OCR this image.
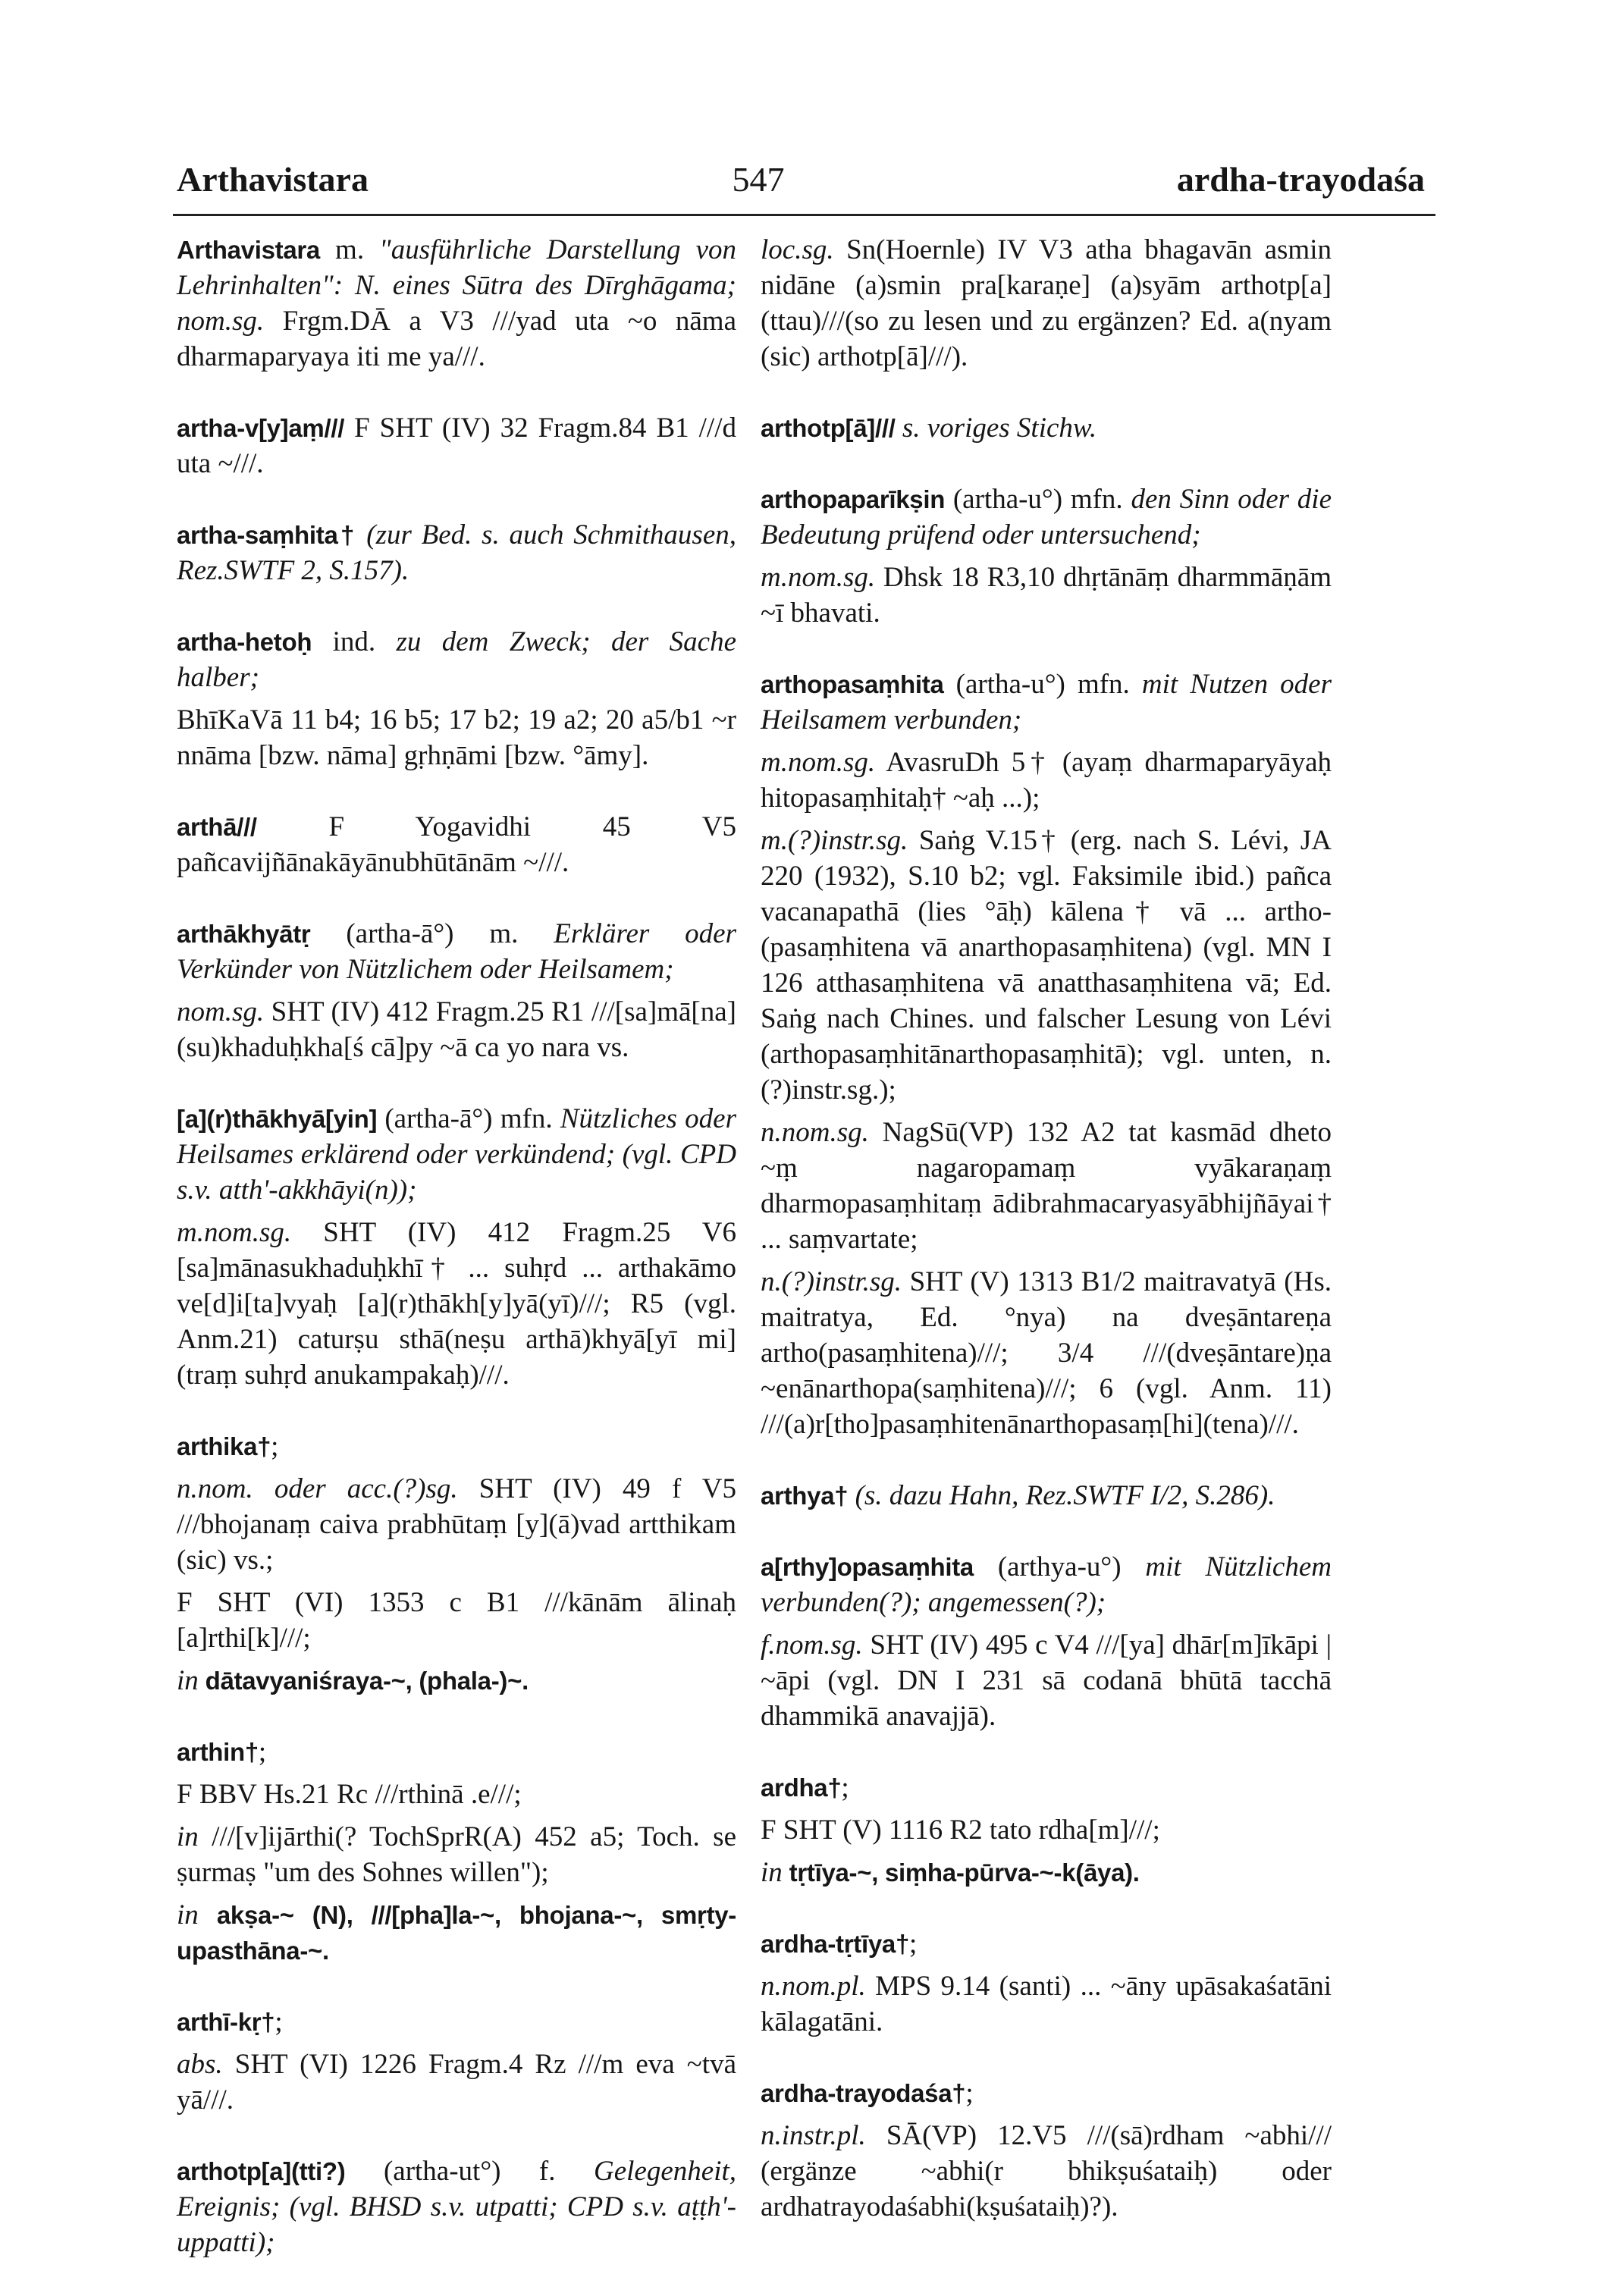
Arthavistara	547	ardha-trayodaśa

Arthavistara m. "ausführliche Darstellung von Lehrinhalten": N. eines Sūtra des Dīrghāgama; nom.sg. Frgm.DĀ a V3 ///yad uta ~o nāma dharmaparyaya iti me ya///.

artha-v[y]aṃ/// F SHT (IV) 32 Fragm.84 B1 ///d uta ~///.

artha-saṃhita† (zur Bed. s. auch Schmithausen, Rez.SWTF 2, S.157).

artha-hetoḥ ind. zu dem Zweck; der Sache halber;

BhīKaVā 11 b4; 16 b5; 17 b2; 19 a2; 20 a5/b1 ~r nnāma [bzw. nāma] gṛhṇāmi [bzw. °āmy].

arthā/// F Yogavidhi 45 V5 pañcavijñānakāyānubhūtānām ~///.

arthākhyātṛ (artha-ā°) m. Erklärer oder Verkünder von Nützlichem oder Heilsamem;

nom.sg. SHT (IV) 412 Fragm.25 R1 ///[sa]mā[na](su)khaduḥkha[ś cā]py ~ā ca yo nara vs.

[a](r)thākhyā[yin] (artha-ā°) mfn. Nützliches oder Heilsames erklärend oder verkündend; (vgl. CPD s.v. atth'-akkhāyi(n));

m.nom.sg. SHT (IV) 412 Fragm.25 V6 [sa]mānasukhaduḥkhī† ... suhṛd ... arthakāmo ve[d]i[ta]vyaḥ [a](r)thākh[y]yā(yī)///; R5 (vgl. Anm.21) caturṣu sthā(neṣu arthā)khyā[yī mi](traṃ suhṛd anukampakaḥ)///.

arthika†;

n.nom. oder acc.(?)sg. SHT (IV) 49 f V5 ///bhojanaṃ caiva prabhūtaṃ [y](ā)vad artthikam (sic) vs.;

F SHT (VI) 1353 c B1 ///kānām ālinaḥ [a]rthi[k]///;

in dātavyaniśraya-~, (phala-)~.

arthin†;

F BBV Hs.21 Rc ///rthinā .e///;

in ///[v]ijārthi(? TochSprR(A) 452 a5; Toch. se ṣurmaṣ "um des Sohnes willen");

in akṣa-~ (N), ///[pha]la-~, bhojana-~, smṛty-upasthāna-~.

arthī-kṛ†;

abs. SHT (VI) 1226 Fragm.4 Rz ///m eva ~tvā yā///.

arthotp[a](tti?) (artha-ut°) f. Gelegenheit, Ereignis; (vgl. BHSD s.v. utpatti; CPD s.v. aṭṭh'-uppatti);

loc.sg. Sn(Hoernle) IV V3 atha bhagavān asmin nidāne (a)smin pra[karaṇe] (a)syām arthotp[a](ttau)///(so zu lesen und zu ergänzen? Ed. a(nyam (sic) arthotp[ā]///).

arthotp[ā]/// s. voriges Stichw.

arthopaparīkṣin (artha-u°) mfn. den Sinn oder die Bedeutung prüfend oder untersuchend;

m.nom.sg. Dhsk 18 R3,10 dhṛtānāṃ dharmmāṇām ~ī bhavati.

arthopasaṃhita (artha-u°) mfn. mit Nutzen oder Heilsamem verbunden;

m.nom.sg. AvasruDh 5† (ayaṃ dharmaparyāyaḥ hitopasaṃhitaḥ† ~aḥ ...);

m.(?)instr.sg. Saṅg V.15† (erg. nach S. Lévi, JA 220 (1932), S.10 b2; vgl. Faksimile ibid.) pañca vacanapathā (lies °āḥ) kālena† vā ... artho-(pasaṃhitena vā anarthopasaṃhitena) (vgl. MN I 126 atthasaṃhitena vā anatthasaṃhitena vā; Ed. Saṅg nach Chines. und falscher Lesung von Lévi (arthopasaṃhitānarthopasaṃhitā); vgl. unten, n.(?)instr.sg.);

n.nom.sg. NagSū(VP) 132 A2 tat kasmād dheto ~ṃ nagaropamaṃ vyākaraṇaṃ dharmopasaṃhitaṃ ādibrahmacaryasyābhijñāyai† ... saṃvartate;

n.(?)instr.sg. SHT (V) 1313 B1/2 maitravatyā (Hs. maitratya, Ed. °nya) na dveṣāntareṇa artho(pasaṃhitena)///; 3/4 ///(dveṣāntare)ṇa ~enānarthopa(saṃhitena)///; 6 (vgl. Anm. 11) ///(a)r[tho]pasaṃhitenānarthopasaṃ[hi](tena)///.

arthya† (s. dazu Hahn, Rez.SWTF I/2, S.286).

a[rthy]opasaṃhita (arthya-u°) mit Nützlichem verbunden(?); angemessen(?);

f.nom.sg. SHT (IV) 495 c V4 ///[ya] dhār[m]īkāpi | ~āpi (vgl. DN I 231 sā codanā bhūtā tacchā dhammikā anavajjā).

ardha†;

F SHT (V) 1116 R2 tato rdha[m]///;

in tṛtīya-~, siṃha-pūrva-~-k(āya).

ardha-tṛtīya†;

n.nom.pl. MPS 9.14 (santi) ... ~āny upāsakaśatāni kālagatāni.

ardha-trayodaśa†;

n.instr.pl. SĀ(VP) 12.V5 ///(sā)rdham ~abhi/// (ergänze ~abhi(r bhikṣuśataiḥ) oder ardhatrayodaśabhi(kṣuśataiḥ)?).
